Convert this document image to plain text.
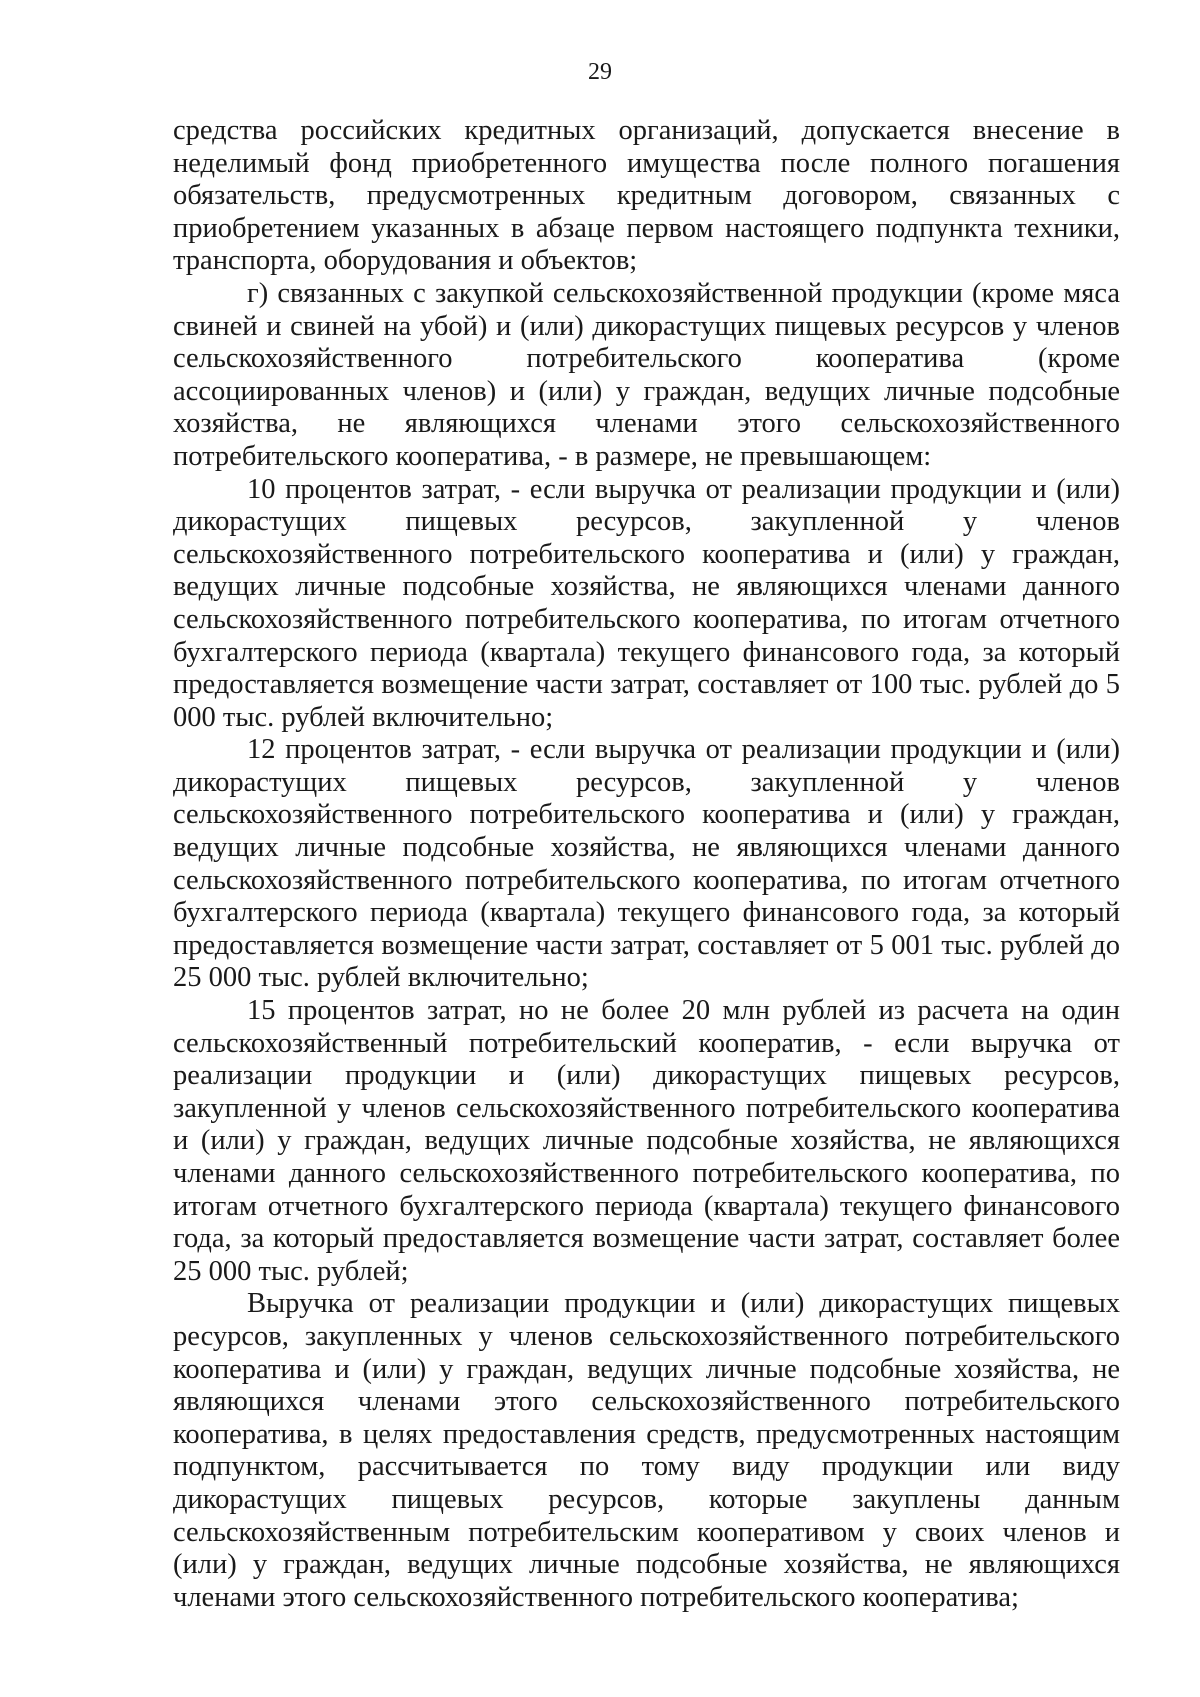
29

средства российских кредитных организаций, допускается внесение в неделимый фонд приобретенного имущества после полного погашения обязательств, предусмотренных кредитным договором, связанных с приобретением указанных в абзаце первом настоящего подпункта техники, транспорта, оборудования и объектов;

г) связанных с закупкой сельскохозяйственной продукции (кроме мяса свиней и свиней на убой) и (или) дикорастущих пищевых ресурсов у членов сельскохозяйственного потребительского кооператива (кроме ассоциированных членов) и (или) у граждан, ведущих личные подсобные хозяйства, не являющихся членами этого сельскохозяйственного потребительского кооператива, - в размере, не превышающем:

10 процентов затрат, - если выручка от реализации продукции и (или) дикорастущих пищевых ресурсов, закупленной у членов сельскохозяйственного потребительского кооператива и (или) у граждан, ведущих личные подсобные хозяйства, не являющихся членами данного сельскохозяйственного потребительского кооператива, по итогам отчетного бухгалтерского периода (квартала) текущего финансового года, за который предоставляется возмещение части затрат, составляет от 100 тыс. рублей до 5 000 тыс. рублей включительно;

12 процентов затрат, - если выручка от реализации продукции и (или) дикорастущих пищевых ресурсов, закупленной у членов сельскохозяйственного потребительского кооператива и (или) у граждан, ведущих личные подсобные хозяйства, не являющихся членами данного сельскохозяйственного потребительского кооператива, по итогам отчетного бухгалтерского периода (квартала) текущего финансового года, за который предоставляется возмещение части затрат, составляет от 5 001 тыс. рублей до 25 000 тыс. рублей включительно;

15 процентов затрат, но не более 20 млн рублей из расчета на один сельскохозяйственный потребительский кооператив, - если выручка от реализации продукции и (или) дикорастущих пищевых ресурсов, закупленной у членов сельскохозяйственного потребительского кооператива и (или) у граждан, ведущих личные подсобные хозяйства, не являющихся членами данного сельскохозяйственного потребительского кооператива, по итогам отчетного бухгалтерского периода (квартала) текущего финансового года, за который предоставляется возмещение части затрат, составляет более 25 000 тыс. рублей;

Выручка от реализации продукции и (или) дикорастущих пищевых ресурсов, закупленных у членов сельскохозяйственного потребительского кооператива и (или) у граждан, ведущих личные подсобные хозяйства, не являющихся членами этого сельскохозяйственного потребительского кооператива, в целях предоставления средств, предусмотренных настоящим подпунктом, рассчитывается по тому виду продукции или виду дикорастущих пищевых ресурсов, которые закуплены данным сельскохозяйственным потребительским кооперативом у своих членов и (или) у граждан, ведущих личные подсобные хозяйства, не являющихся членами этого сельскохозяйственного потребительского кооператива;
